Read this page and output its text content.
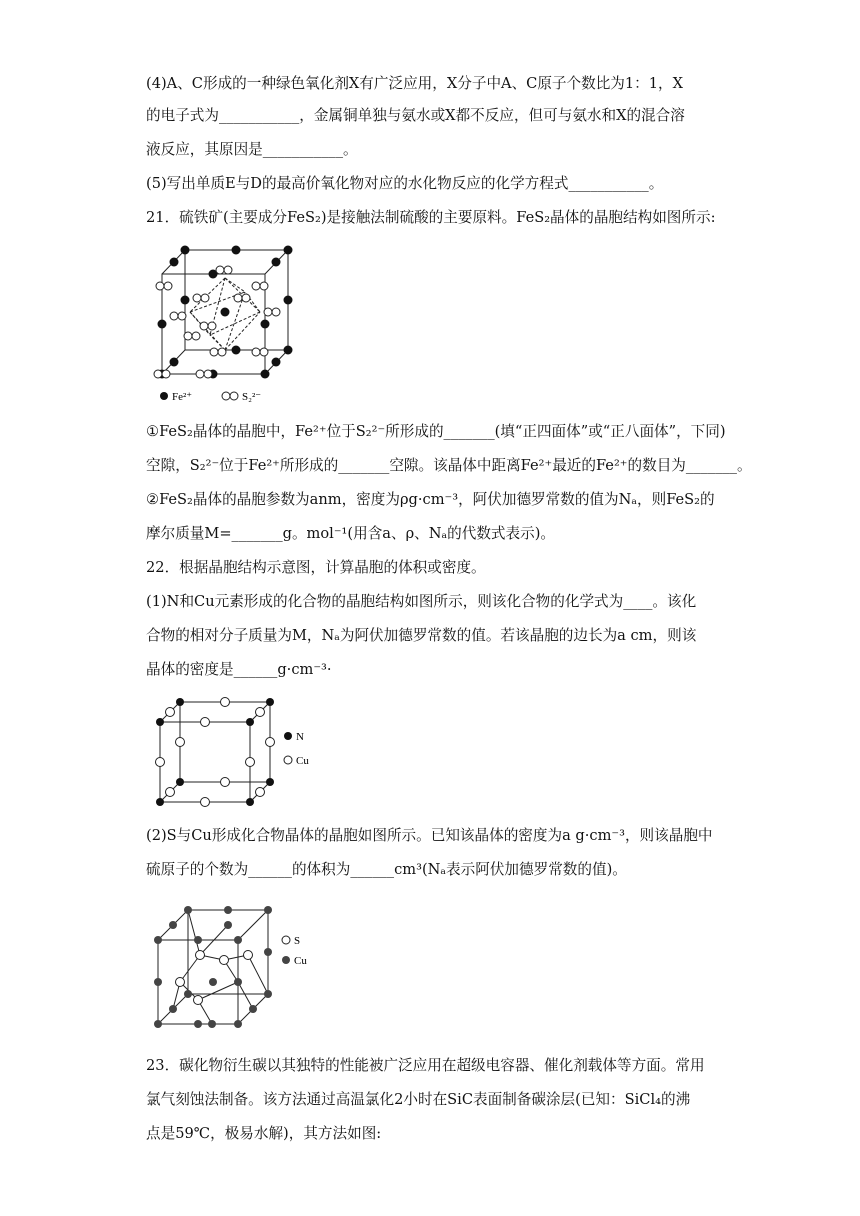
(4)A、C形成的一种绿色氧化剂X有广泛应用，X分子中A、C原子个数比为1：1，X
的电子式为___________，金属铜单独与氨水或X都不反应，但可与氨水和X的混合溶
液反应，其原因是___________。
(5)写出单质E与D的最高价氧化物对应的水化物反应的化学方程式___________。
21．硫铁矿(主要成分FeS₂)是接触法制硫酸的主要原料。FeS₂晶体的晶胞结构如图所示:
Fe²⁺	S₂²⁻
①FeS₂晶体的晶胞中，Fe²⁺位于S₂²⁻所形成的_______(填“正四面体”或“正八面体”，下同)
空隙，S₂²⁻位于Fe²⁺所形成的_______空隙。该晶体中距离Fe²⁺最近的Fe²⁺的数目为_______。
②FeS₂晶体的晶胞参数为anm，密度为ρg·cm⁻³，阿伏加德罗常数的值为Nₐ，则FeS₂的
摩尔质量M=_______g。mol⁻¹(用含a、ρ、Nₐ的代数式表示)。
22．根据晶胞结构示意图，计算晶胞的体积或密度。
(1)N和Cu元素形成的化合物的晶胞结构如图所示，则该化合物的化学式为____。该化
合物的相对分子质量为M，Nₐ为阿伏加德罗常数的值。若该晶胞的边长为a cm，则该
晶体的密度是______g·cm⁻³·
N
Cu
(2)S与Cu形成化合物晶体的晶胞如图所示。已知该晶体的密度为a g·cm⁻³，则该晶胞中
硫原子的个数为______的体积为______cm³(Nₐ表示阿伏加德罗常数的值)。
S
Cu
23．碳化物衍生碳以其独特的性能被广泛应用在超级电容器、催化剂载体等方面。常用
氯气刻蚀法制备。该方法通过高温氯化2小时在SiC表面制备碳涂层(已知：SiCl₄的沸
点是59℃，极易水解)，其方法如图:
